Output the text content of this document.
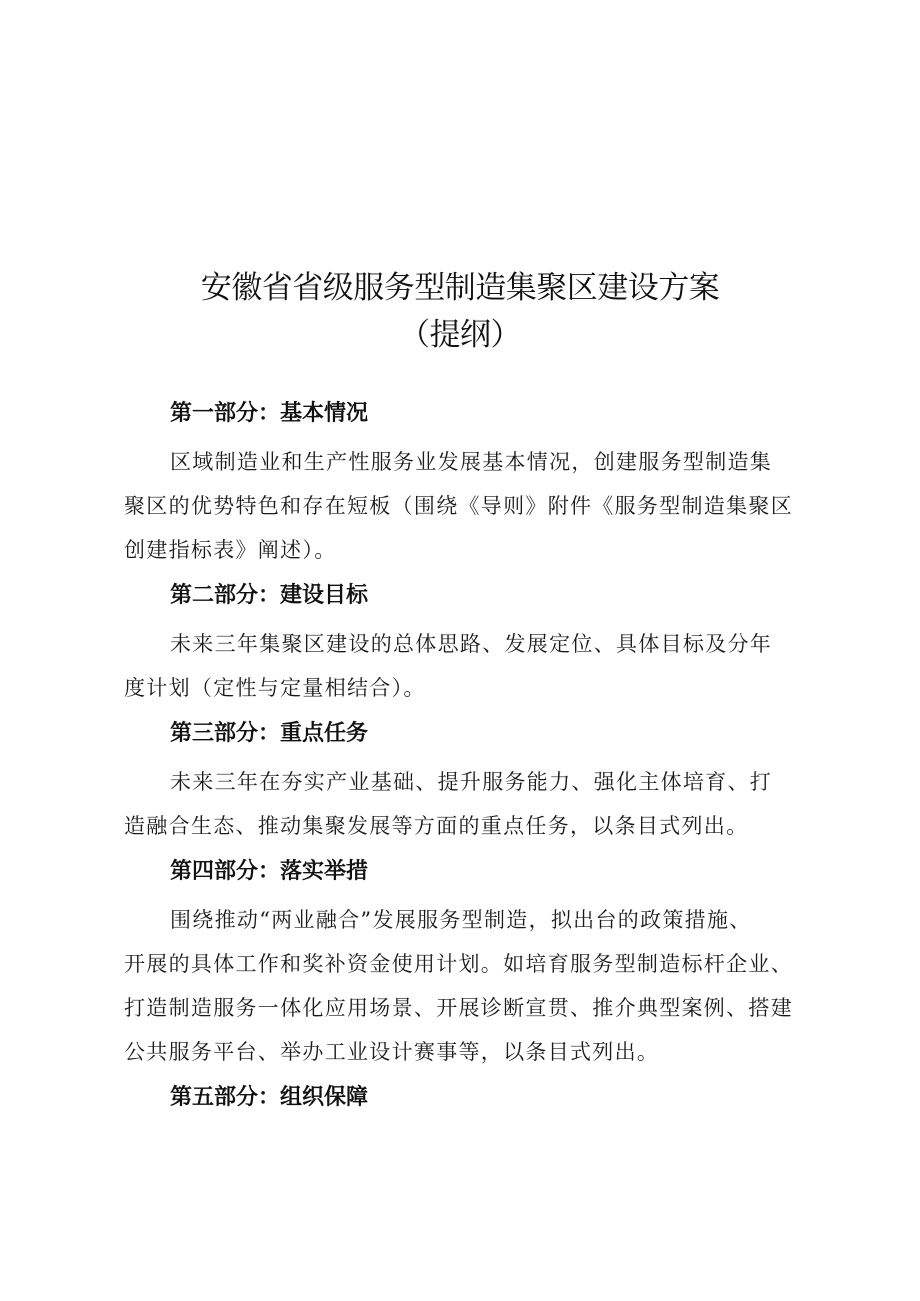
安徽省省级服务型制造集聚区建设方案
（提纲）
第一部分：基本情况

区域制造业和生产性服务业发展基本情况，创建服务型制造集
聚区的优势特色和存在短板（围绕《导则》附件《服务型制造集聚区
创建指标表》阐述）。

第二部分：建设目标

未来三年集聚区建设的总体思路、发展定位、具体目标及分年
度计划（定性与定量相结合）。

第三部分：重点任务

未来三年在夯实产业基础、提升服务能力、强化主体培育、打
造融合生态、推动集聚发展等方面的重点任务，以条目式列出。

第四部分：落实举措

围绕推动“两业融合”发展服务型制造，拟出台的政策措施、
开展的具体工作和奖补资金使用计划。如培育服务型制造标杆企业、
打造制造服务一体化应用场景、开展诊断宣贯、推介典型案例、搭建
公共服务平台、举办工业设计赛事等，以条目式列出。

第五部分：组织保障
